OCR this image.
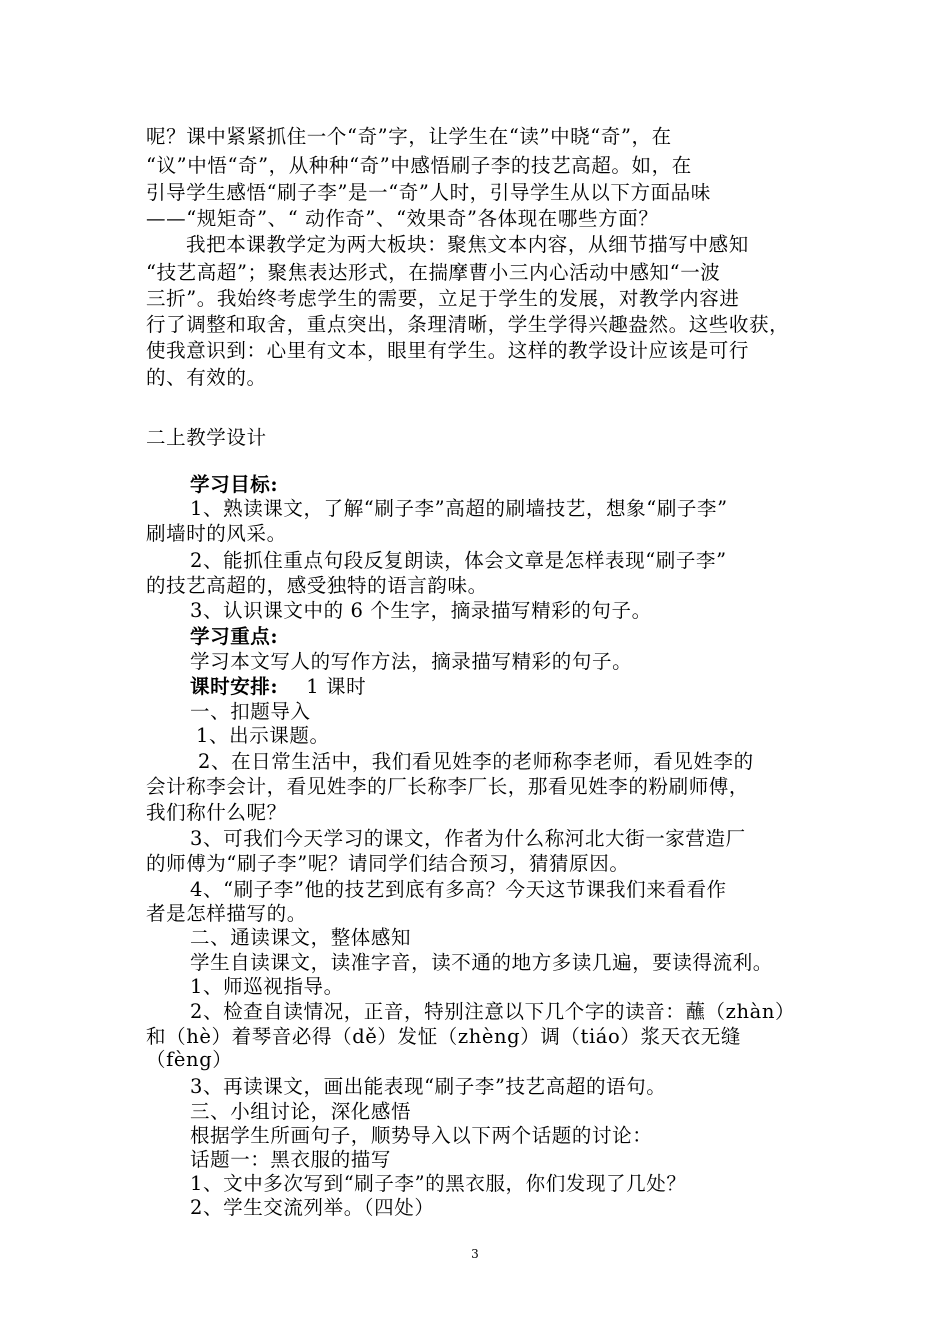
呢？课中紧紧抓住一个“奇”字，让学生在“读”中晓“奇”，在
“议”中悟“奇”，从种种“奇”中感悟刷子李的技艺高超。如，在
引导学生感悟“刷子李”是一“奇”人时，引导学生从以下方面品味
——“规矩奇”、“ 动作奇”、“效果奇”各体现在哪些方面？
我把本课教学定为两大板块：聚焦文本内容，从细节描写中感知
“技艺高超”；聚焦表达形式，在揣摩曹小三内心活动中感知“一波
三折”。我始终考虑学生的需要，立足于学生的发展，对教学内容进
行了调整和取舍，重点突出，条理清晰，学生学得兴趣盎然。这些收获，
使我意识到：心里有文本，眼里有学生。这样的教学设计应该是可行
的、有效的。
二上教学设计
学习目标:
1、熟读课文，了解“刷子李”高超的刷墙技艺，想象“刷子李”
刷墙时的风采。
2、能抓住重点句段反复朗读，体会文章是怎样表现“刷子李”
的技艺高超的，感受独特的语言韵味。
3、认识课文中的 6 个生字，摘录描写精彩的句子。
学习重点:
学习本文写人的写作方法，摘录描写精彩的句子。
课时安排: 1 课时
一、扣题导入
1、出示课题。
2、在日常生活中，我们看见姓李的老师称李老师，看见姓李的
会计称李会计，看见姓李的厂长称李厂长，那看见姓李的粉刷师傅，
我们称什么呢？
3、可我们今天学习的课文，作者为什么称河北大街一家营造厂
的师傅为“刷子李”呢？请同学们结合预习，猜猜原因。
4、“刷子李”他的技艺到底有多高？今天这节课我们来看看作
者是怎样描写的。
二、通读课文，整体感知
学生自读课文，读准字音，读不通的地方多读几遍，要读得流利。
1、师巡视指导。
2、检查自读情况，正音，特别注意以下几个字的读音：蘸（zhàn）
和（hè）着琴音必得（dě）发怔（zhèng）调（tiáo）浆天衣无缝
（fèng）
3、再读课文，画出能表现“刷子李”技艺高超的语句。
三、小组讨论，深化感悟
根据学生所画句子，顺势导入以下两个话题的讨论：
话题一：黑衣服的描写
1、文中多次写到“刷子李”的黑衣服，你们发现了几处？
2、学生交流列举。（四处）
3
